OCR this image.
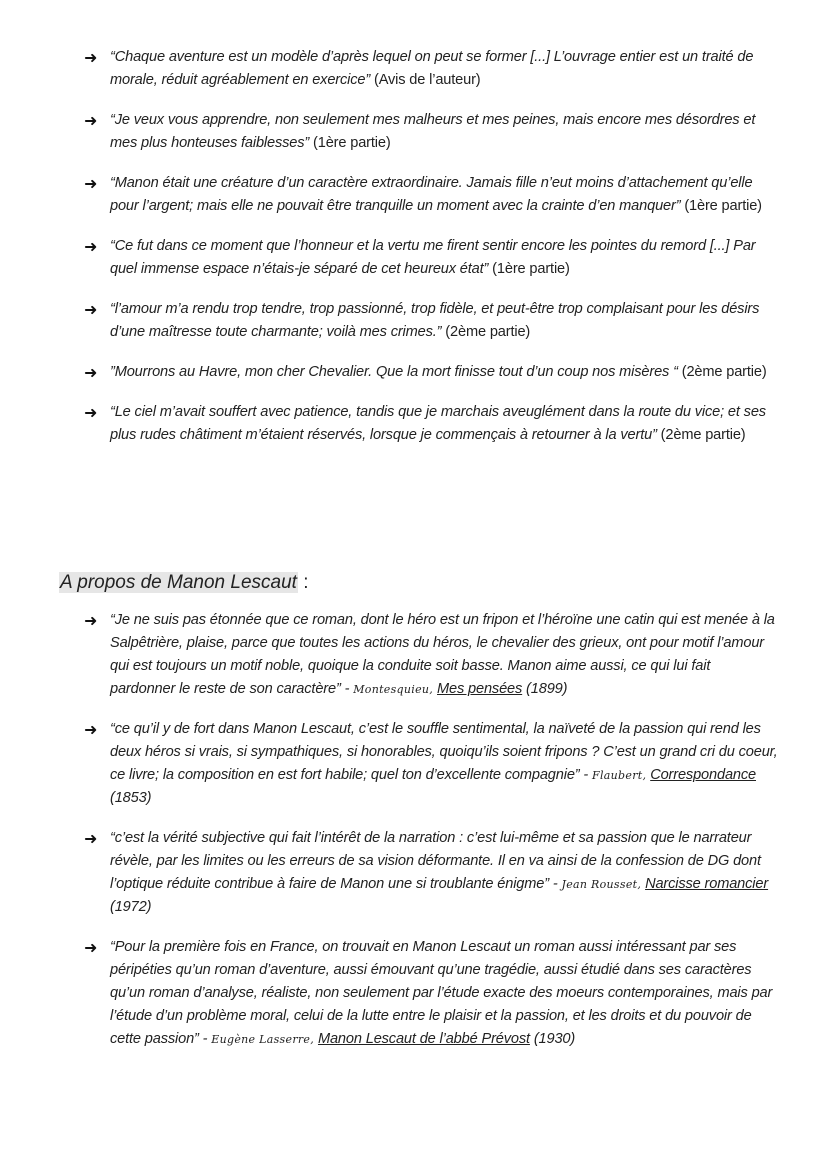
➜ “Chaque aventure est un modèle d’après lequel on peut se former [...] L’ouvrage entier est un traité de morale, réduit agréablement en exercice” (Avis de l’auteur)
➜ “Je veux vous apprendre, non seulement mes malheurs et mes peines, mais encore mes désordres et mes plus honteuses faiblesses” (1ère partie)
➜ “Manon était une créature d’un caractère extraordinaire. Jamais fille n’eut moins d’attachement qu’elle pour l’argent; mais elle ne pouvait être tranquille un moment avec la crainte d’en manquer” (1ère partie)
➜ “Ce fut dans ce moment que l’honneur et la vertu me firent sentir encore les pointes du remord [...] Par quel immense espace n’étais-je séparé de cet heureux état” (1ère partie)
➜ “l’amour m’a rendu trop tendre, trop passionné, trop fidèle, et peut-être trop complaisant pour les désirs d’une maîtresse toute charmante; voilà mes crimes.” (2ème partie)
➜ ”Mourrons au Havre, mon cher Chevalier. Que la mort finisse tout d’un coup nos misères “ (2ème partie)
➜ “Le ciel m’avait souffert avec patience, tandis que je marchais aveuglément dans la route du vice; et ses plus rudes châtiment m’étaient réservés, lorsque je commençais à retourner à la vertu” (2ème partie)
A propos de Manon Lescaut :
➜ “Je ne suis pas étonnée que ce roman, dont le héro est un fripon et l’héroïne une catin qui est menée à la Salpêtrière, plaise, parce que toutes les actions du héros, le chevalier des grieux, ont pour motif l’amour qui est toujours un motif noble, quoique la conduite soit basse. Manon aime aussi, ce qui lui fait pardonner le reste de son caractère” - Montesquieu, Mes pensées (1899)
➜ “ce qu’il y de fort dans Manon Lescaut, c’est le souffle sentimental, la naïveté de la passion qui rend les deux héros si vrais, si sympathiques, si honorables, quoiqu’ils soient fripons ? C’est un grand cri du coeur, ce livre; la composition en est fort habile; quel ton d’excellente compagnie” - Flaubert, Correspondance (1853)
➜ “c’est la vérité subjective qui fait l’intérêt de la narration : c’est lui-même et sa passion que le narrateur révèle, par les limites ou les erreurs de sa vision déformante. Il en va ainsi de la confession de DG dont l’optique réduite contribue à faire de Manon une si troublante énigme” - Jean Rousset, Narcisse romancier (1972)
➜ “Pour la première fois en France, on trouvait en Manon Lescaut un roman aussi intéressant par ses péripéties qu’un roman d’aventure, aussi émouvant qu’une tragédie, aussi étudié dans ses caractères qu’un roman d’analyse, réaliste, non seulement par l’étude exacte des moeurs contemporaines, mais par l’étude d’un problème moral, celui de la lutte entre le plaisir et la passion, et les droits et du pouvoir de cette passion” - Eugène Lasserre, Manon Lescaut de l’abbé Prévost (1930)
